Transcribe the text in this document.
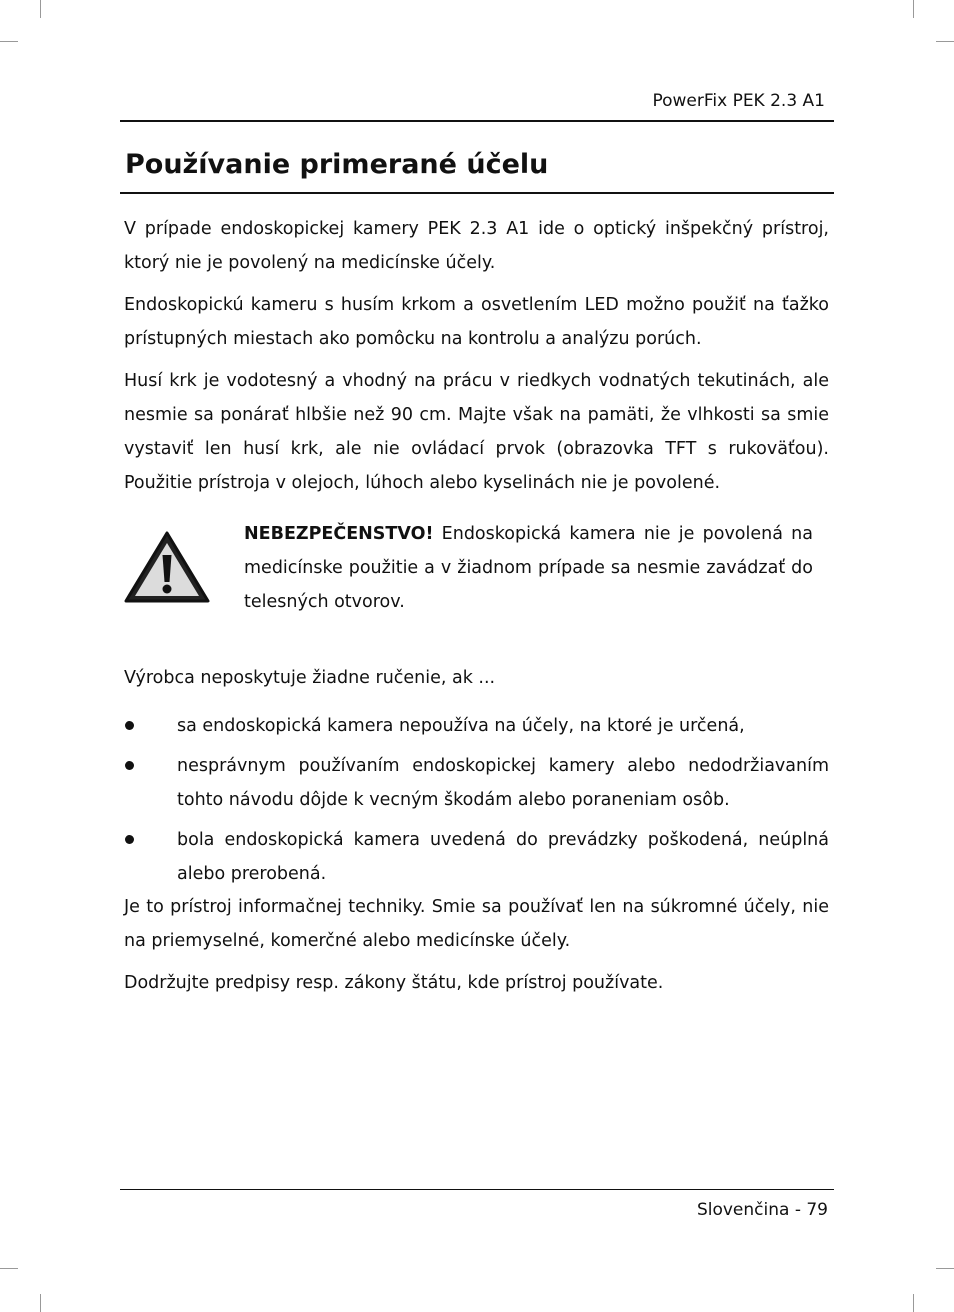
PowerFix PEK 2.3 A1
Používanie primerané účelu

V prípade endoskopickej kamery PEK 2.3 A1 ide o optický inšpekčný prístroj, ktorý nie je povolený na medicínske účely.

Endoskopickú kameru s husím krkom a osvetlením LED možno použiť na ťažko prístupných miestach ako pomôcku na kontrolu a analýzu porúch.

Husí krk je vodotesný a vhodný na prácu v riedkych vodnatých tekutinách, ale nesmie sa ponárať hlbšie než 90 cm. Majte však na pamäti, že vlhkosti sa smie vystaviť len husí krk, ale nie ovládací prvok (obrazovka TFT s rukoväťou). Použitie prístroja v olejoch, lúhoch alebo kyselinách nie je povolené.

NEBEZPEČENSTVO! Endoskopická kamera nie je povolená na medicínske použitie a v žiadnom prípade sa nesmie zavádzať do telesných otvorov.
Výrobca neposkytuje žiadne ručenie, ak ...
sa endoskopická kamera nepoužíva na účely, na ktoré je určená,
nesprávnym používaním endoskopickej kamery alebo nedodržiavaním tohto návodu dôjde k vecným škodám alebo poraneniam osôb.
bola endoskopická kamera uvedená do prevádzky poškodená, neúplná alebo prerobená.

Je to prístroj informačnej techniky. Smie sa používať len na súkromné účely, nie na priemyselné, komerčné alebo medicínske účely.

Dodržujte predpisy resp. zákony štátu, kde prístroj používate.

Slovenčina - 79
